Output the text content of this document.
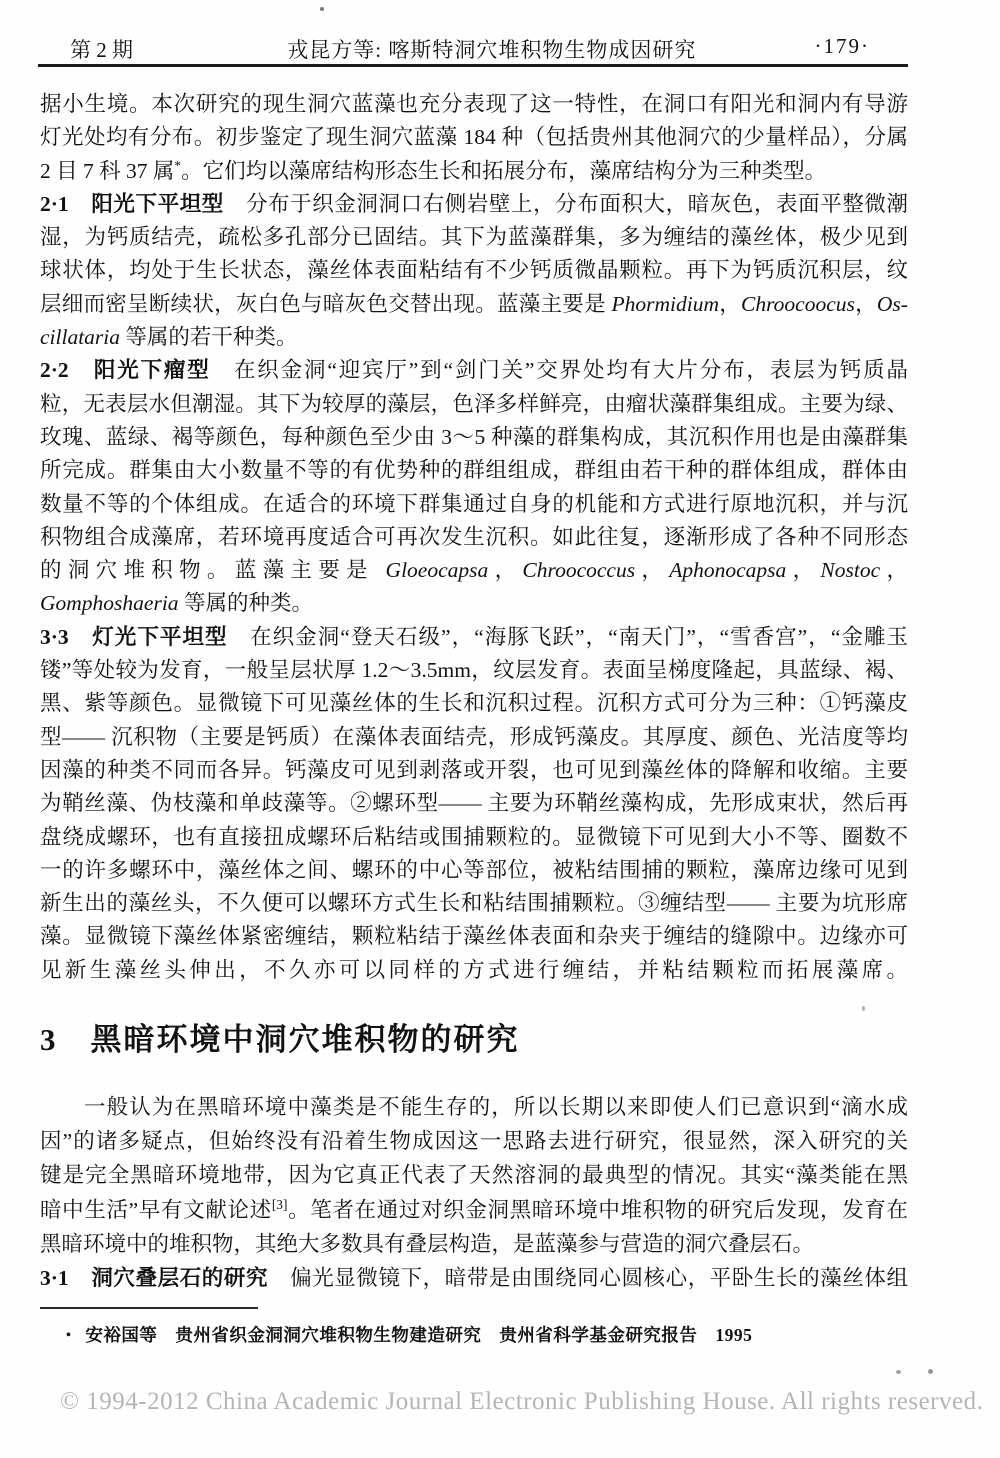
第 2 期	戎昆方等: 喀斯特洞穴堆积物生物成因研究	·179·
据小生境。本次研究的现生洞穴蓝藻也充分表现了这一特性，在洞口有阳光和洞内有导游
灯光处均有分布。初步鉴定了现生洞穴蓝藻 184 种（包括贵州其他洞穴的少量样品），分属
2 目 7 科 37 属*。它们均以藻席结构形态生长和拓展分布，藻席结构分为三种类型。
2·1　阳光下平坦型　分布于织金洞洞口右侧岩壁上，分布面积大，暗灰色，表面平整微潮
湿，为钙质结壳，疏松多孔部分已固结。其下为蓝藻群集，多为缠结的藻丝体，极少见到
球状体，均处于生长状态，藻丝体表面粘结有不少钙质微晶颗粒。再下为钙质沉积层，纹
层细而密呈断续状，灰白色与暗灰色交替出现。蓝藻主要是 Phormidium，Chroocoocus，Os-
cillataria 等属的若干种类。
2·2　阳光下瘤型　在织金洞“迎宾厅”到“剑门关”交界处均有大片分布，表层为钙质晶
粒，无表层水但潮湿。其下为较厚的藻层，色泽多样鲜亮，由瘤状藻群集组成。主要为绿、
玫瑰、蓝绿、褐等颜色，每种颜色至少由 3～5 种藻的群集构成，其沉积作用也是由藻群集
所完成。群集由大小数量不等的有优势种的群组组成，群组由若干种的群体组成，群体由
数量不等的个体组成。在适合的环境下群集通过自身的机能和方式进行原地沉积，并与沉
积物组合成藻席，若环境再度适合可再次发生沉积。如此往复，逐渐形成了各种不同形态
的洞穴堆积物。蓝藻主要是 Gloeocapsa，Chroococcus，Aphonocapsa，Nostoc，
Gomphoshaeria 等属的种类。
3·3　灯光下平坦型　在织金洞“登天石级”，“海豚飞跃”，“南天门”，“雪香宫”，“金雕玉
镂”等处较为发育，一般呈层状厚 1.2～3.5mm，纹层发育。表面呈梯度隆起，具蓝绿、褐、
黑、紫等颜色。显微镜下可见藻丝体的生长和沉积过程。沉积方式可分为三种：①钙藻皮
型—— 沉积物（主要是钙质）在藻体表面结壳，形成钙藻皮。其厚度、颜色、光洁度等均
因藻的种类不同而各异。钙藻皮可见到剥落或开裂，也可见到藻丝体的降解和收缩。主要
为鞘丝藻、伪枝藻和单歧藻等。②螺环型—— 主要为环鞘丝藻构成，先形成束状，然后再
盘绕成螺环，也有直接扭成螺环后粘结或围捕颗粒的。显微镜下可见到大小不等、圈数不
一的许多螺环中，藻丝体之间、螺环的中心等部位，被粘结围捕的颗粒，藻席边缘可见到
新生出的藻丝头，不久便可以螺环方式生长和粘结围捕颗粒。③缠结型—— 主要为坑形席
藻。显微镜下藻丝体紧密缠结，颗粒粘结于藻丝体表面和杂夹于缠结的缝隙中。边缘亦可
见新生藻丝头伸出，不久亦可以同样的方式进行缠结，并粘结颗粒而拓展藻席。
3　黑暗环境中洞穴堆积物的研究
一般认为在黑暗环境中藻类是不能生存的，所以长期以来即使人们已意识到“滴水成
因”的诸多疑点，但始终没有沿着生物成因这一思路去进行研究，很显然，深入研究的关
键是完全黑暗环境地带，因为它真正代表了天然溶洞的最典型的情况。其实“藻类能在黑
暗中生活”早有文献论述[3]。笔者在通过对织金洞黑暗环境中堆积物的研究后发现，发育在
黑暗环境中的堆积物，其绝大多数具有叠层构造，是蓝藻参与营造的洞穴叠层石。
3·1　洞穴叠层石的研究　偏光显微镜下，暗带是由围绕同心圆核心，平卧生长的藻丝体组
• 安裕国等　贵州省织金洞洞穴堆积物生物建造研究　贵州省科学基金研究报告　1995
© 1994-2012 China Academic Journal Electronic Publishing House. All rights reserved.
